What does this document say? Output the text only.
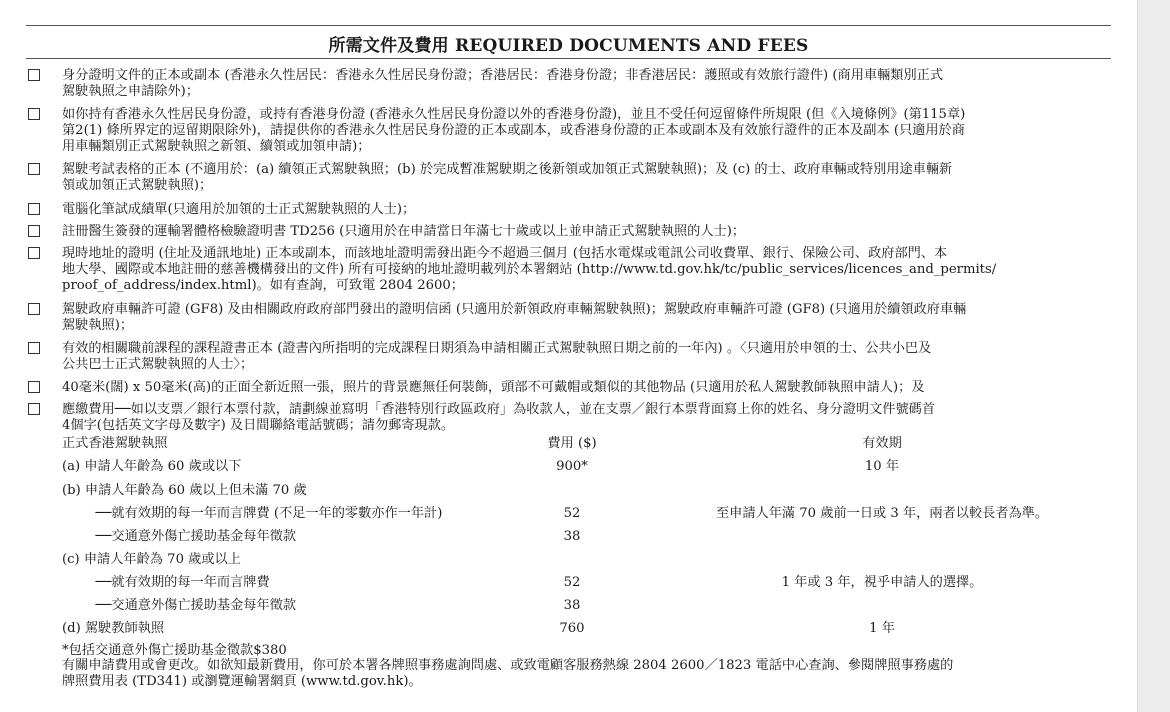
所需文件及費用 REQUIRED DOCUMENTS AND FEES
身分證明文件的正本或副本 (香港永久性居民：香港永久性居民身份證；香港居民：香港身份證；非香港居民：護照或有效旅行證件) (商用車輛類別正式
駕駛執照之申請除外)；
如你持有香港永久性居民身份證，或持有香港身份證 (香港永久性居民身份證以外的香港身份證)，並且不受任何逗留條件所規限 (但《入境條例》(第115章)
第2(1) 條所界定的逗留期限除外)，請提供你的香港永久性居民身份證的正本或副本，或香港身份證的正本或副本及有效旅行證件的正本及副本 (只適用於商
用車輛類別正式駕駛執照之新領、續領或加領申請)；
駕駛考試表格的正本 (不適用於：(a) 續領正式駕駛執照；(b) 於完成暫准駕駛期之後新領或加領正式駕駛執照)；及 (c) 的士、政府車輛或特別用途車輛新
領或加領正式駕駛執照)；
電腦化筆試成績單(只適用於加領的士正式駕駛執照的人士)；
註冊醫生簽發的運輸署體格檢驗證明書 TD256 (只適用於在申請當日年滿七十歲或以上並申請正式駕駛執照的人士)；
現時地址的證明 (住址及通訊地址) 正本或副本，而該地址證明需發出距今不超過三個月 (包括水電煤或電訊公司收費單、銀行、保險公司、政府部門、本
地大學、國際或本地註冊的慈善機構發出的文件) 所有可接納的地址證明載列於本署網站 (http://www.td.gov.hk/tc/public_services/licences_and_permits/
proof_of_address/index.html)。如有查詢，可致電 2804 2600；
駕駛政府車輛許可證 (GF8) 及由相關政府政府部門發出的證明信函 (只適用於新領政府車輛駕駛執照)；駕駛政府車輛許可證 (GF8) (只適用於續領政府車輛
駕駛執照)；
有效的相關職前課程的課程證書正本 (證書內所指明的完成課程日期須為申請相關正式駕駛執照日期之前的一年內) 。〈只適用於申領的士、公共小巴及
公共巴士正式駕駛執照的人士〉；
40毫米(闊) x 50毫米(高)的正面全新近照一張，照片的背景應無任何裝飾，頭部不可戴帽或類似的其他物品 (只適用於私人駕駛教師執照申請人)；及
應繳費用──如以支票／銀行本票付款，請劃線並寫明「香港特別行政區政府」為收款人，並在支票／銀行本票背面寫上你的姓名、身分證明文件號碼首
4個字(包括英文字母及數字) 及日間聯絡電話號碼；請勿郵寄現款。
正式香港駕駛執照	費用 ($)	有效期
(a) 申請人年齡為 60 歲或以下	900*	10 年
(b) 申請人年齡為 60 歲以上但未滿 70 歲
──就有效期的每一年而言牌費 (不足一年的零數亦作一年計)	52	至申請人年滿 70 歲前一日或 3 年，兩者以較長者為準。
──交通意外傷亡援助基金每年徵款	38
(c) 申請人年齡為 70 歲或以上
──就有效期的每一年而言牌費	52	1 年或 3 年，視乎申請人的選擇。
──交通意外傷亡援助基金每年徵款	38
(d) 駕駛教師執照	760	1 年
*包括交通意外傷亡援助基金徵款$380
有關申請費用或會更改。如欲知最新費用，你可於本署各牌照事務處詢問處、或致電顧客服務熱線 2804 2600／1823 電話中心查詢、參閱牌照事務處的
牌照費用表 (TD341) 或瀏覽運輸署網頁 (www.td.gov.hk)。
